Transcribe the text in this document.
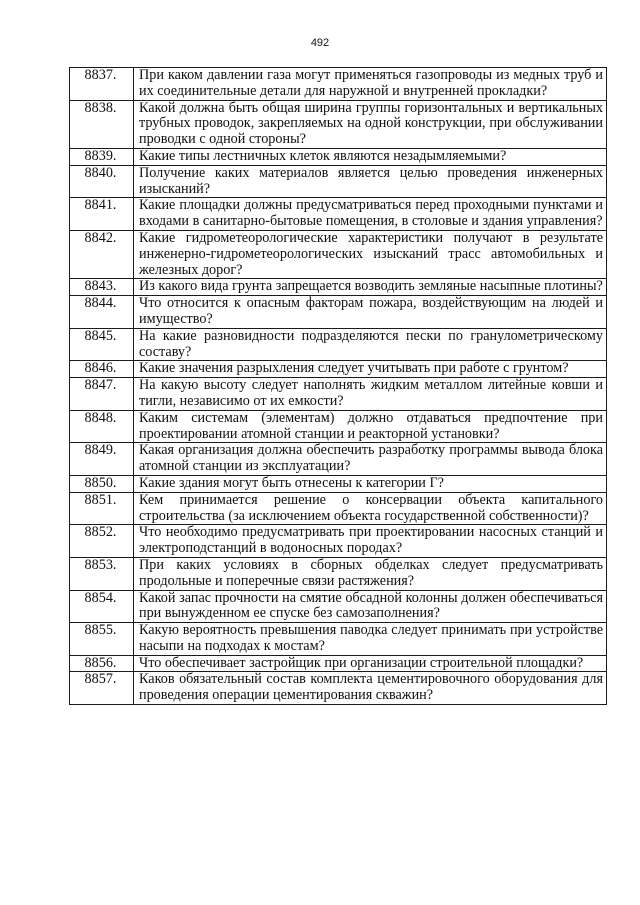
492
8837.	При каком давлении газа могут применяться газопроводы из медных труб и их соединительные детали для наружной и внутренней прокладки?
8838.	Какой должна быть общая ширина группы горизонтальных и вертикальных трубных проводок, закрепляемых на одной конструкции, при обслуживании проводки с одной стороны?
8839.	Какие типы лестничных клеток являются незадымляемыми?
8840.	Получение каких материалов является целью проведения инженерных изысканий?
8841.	Какие площадки должны предусматриваться перед проходными пунктами и входами в санитарно-бытовые помещения, в столовые и здания управления?
8842.	Какие гидрометеорологические характеристики получают в результате инженерно-гидрометеорологических изысканий трасс автомобильных и железных дорог?
8843.	Из какого вида грунта запрещается возводить земляные насыпные плотины?
8844.	Что относится к опасным факторам пожара, воздействующим на людей и имущество?
8845.	На какие разновидности подразделяются пески по гранулометрическому составу?
8846.	Какие значения разрыхления следует учитывать при работе с грунтом?
8847.	На какую высоту следует наполнять жидким металлом литейные ковши и тигли, независимо от их емкости?
8848.	Каким системам (элементам) должно отдаваться предпочтение при проектировании атомной станции и реакторной установки?
8849.	Какая организация должна обеспечить разработку программы вывода блока атомной станции из эксплуатации?
8850.	Какие здания могут быть отнесены к категории Г?
8851.	Кем принимается решение о консервации объекта капитального строительства (за исключением объекта государственной собственности)?
8852.	Что необходимо предусматривать при проектировании насосных станций и электроподстанций в водоносных породах?
8853.	При каких условиях в сборных обделках следует предусматривать продольные и поперечные связи растяжения?
8854.	Какой запас прочности на смятие обсадной колонны должен обеспечиваться при вынужденном ее спуске без самозаполнения?
8855.	Какую вероятность превышения паводка следует принимать при устройстве насыпи на подходах к мостам?
8856.	Что обеспечивает застройщик при организации строительной площадки?
8857.	Каков обязательный состав комплекта цементировочного оборудования для проведения операции цементирования скважин?
